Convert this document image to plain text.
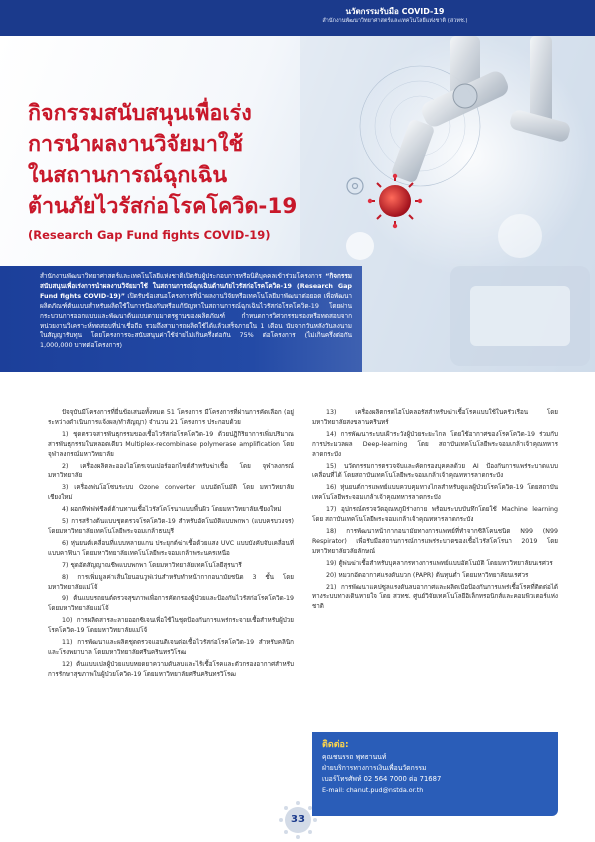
นวัตกรรมรับมือ COVID-19
สำนักงานพัฒนาวิทยาศาสตร์และเทคโนโลยีแห่งชาติ (สวทช.)
กิจกรรมสนับสนุนเพื่อเร่ง
การนำผลงานวิจัยมาใช้
ในสถานการณ์ฉุกเฉิน
ต้านภัยไวรัสก่อโรคโควิด-19
(Research Gap Fund fights COVID-19)
สำนักงานพัฒนาวิทยาศาสตร์และเทคโนโลยีแห่งชาติเปิดรับผู้ประกอบการหรือนิติบุคคลเข้าร่วมโครงการ “กิจกรรมสนับสนุนเพื่อเร่งการนำผลงานวิจัยมาใช้ ในสถานการณ์ฉุกเฉินต้านภัยไวรัสก่อโรคโควิด-19 (Research Gap Fund fights COVID-19)” เปิดรับข้อเสนอโครงการที่นำผลงานวิจัยหรือเทคโนโลยีมาพัฒนาต่อยอด เพื่อพัฒนาผลิตภัณฑ์ต้นแบบสำหรับผลิตใช้ในการป้องกันหรือแก้ปัญหาในสถานการณ์ฉุกเฉินไวรัสก่อโรคโควิด-19 โดยผ่านกระบวนการออกแบบและพัฒนาต้นแบบตามมาตรฐานของผลิตภัณฑ์ กำหนดการวิศวกรรมรองหรือทดสอบจากหน่วยงานวิเคราะห์ทดสอบที่น่าเชื่อถือ รวมถึงสามารถผลิตใช้ได้แล้วเสร็จภายใน 1 เดือน นับจากวันหลังวันลงนามในสัญญารับทุน โดยโครงการจะสนับสนุนค่าใช้จ่ายไม่เกินครึ่งต่อกัน 75% ต่อโครงการ (ไม่เกินครึ่งต่อกัน 1,000,000 บาทต่อโครงการ)

ปัจจุบันมีโครงการที่ยื่นข้อเสนอทั้งหมด 51 โครงการ มีโครงการที่ผ่านการคัดเลือก (อยู่ระหว่างดำเนินการแจ้งผล/ทำสัญญา) จำนวน 21 โครงการ ประกอบด้วย

1) ชุดตรวจสารพันธุกรรมของเชื้อไวรัสก่อโรคโควิด-19 ด้วยปฏิกิริยาการเพิ่มปริมาณสารพันธุกรรมในหลอดเดียว Multiplex-recombinase polymerase amplification โดย จุฬาลงกรณ์มหาวิทยาลัย

2) เครื่องผลิตละอองไฮโดรเจนเปอร์ออกไซด์สำหรับฆ่าเชื้อ โดย จุฬาลงกรณ์มหาวิทยาลัย

3) เครื่องพ่นโอโซนระบบ Ozone converter แบบอัตโนมัติ โดย มหาวิทยาลัยเชียงใหม่

4) ผอกทีฟฟฟชีลด์ต้านทานเชื้อไวรัสโคโรนาแบบพื้นผิว โดยมหาวิทยาลัยเชียงใหม่

5) การสร้างต้นแบบชุดตรวจโรคโควิด-19 สำหรับอัตโนมัติแบบพกพา (แบบครบวงจร) โดยมหาวิทยาลัยเทคโนโลยีพระจอมเกล้าธนบุรี

6) หุ่นยนต์เคลื่อนที่แบบหลายแกน ประยุกต์ฆ่าเชื้อด้วยแสง UVC แบบบังคับจับเคลื่อนที่แบบคาฟินา โดยมหาวิทยาลัยเทคโนโลยีพระจอมเกล้าพระนครเหนือ

7) ชุดอัตสัญญาณชีพแบบพกพา โดยมหาวิทยาลัยเทคโนโลยีสุรนารี

8) การเพิ่มมูลค่าเส้นใยนอนวูฟเว่นสำหรับทำหน้ากากอนามัยชนิด 3 ชั้น โดยมหาวิทยาลัยแม่โจ้

9) ต้นแบบรถยนต์ตรวจสุขภาพเพื่อการคัดกรองผู้ป่วยและป้องกันไวรัสก่อโรคโควิด-19 โดยมหาวิทยาลัยแม่โจ้

10) การผลิตสารละลายออกซิเจนเพื่อใช้ในชุดป้องกันการแพร่กระจายเชื้อสำหรับผู้ป่วยโรคโควิด-19 โดยมหาวิทยาลัยแม่โจ้

11) การพัฒนาและผลิตชุดตรวจแอนติเจนต่อเชื้อไวรัสก่อโรคโควิด-19 สำหรับคลินิกและโรงพยาบาล โดยมหาวิทยาลัยศรีนครินทรวิโรฒ

12) ต้นแบบเปลผู้ป่วยแบบหยดยาความดันลบและไร้เชื้อโรคและตัวกรองอากาศสำหรับการรักษาสุขภาพในผู้ป่วยโควิด-19 โดยมหาวิทยาลัยศรีนครินทรวิโรฒ

13) เครื่องผลิตกรดไฮโปคลอรัสสำหรับฆ่าเชื้อโรคแบบใช้ในครัวเรือน โดยมหาวิทยาลัยสงขลานครินทร์

14) การพัฒนาระบบเฝ้าระวังผู้ป่วยระยะไกล โดยใช้อากาศของโรคโควิด-19 ร่วมกับการประมวลผล Deep-learning โดย สถาบันเทคโนโลยีพระจอมเกล้าเจ้าคุณทหารลาดกระบัง

15) นวัตกรรมการตรวจจับและคัดกรองบุคคลด้วย AI ป้องกันการแพร่ระบาดแบบเคลื่อนที่ได้ โดยสถาบันเทคโนโลยีพระจอมเกล้าเจ้าคุณทหารลาดกระบัง

16) หุ่นยนต์การแพทย์แบบควบคุมทางไกลสำหรับดูแลผู้ป่วยโรคโควิด-19 โดยสถาบันเทคโนโลยีพระจอมเกล้าเจ้าคุณทหารลาดกระบัง

17) อุปกรณ์ตรวจวัดอุณหภูมิร่างกาย พร้อมระบบบันทึกโดยใช้ Machine learning โดย สถาบันเทคโนโลยีพระจอมเกล้าเจ้าคุณทหารลาดกระบัง

18) การพัฒนาหน้ากากอนามัยทางการแพทย์ที่ทำจากซิลิโคนชนิด N99 (N99 Respirator) เพื่อรับมือสถานการณ์การแพร่ระบาดของเชื้อไวรัสโคโรนา 2019 โดยมหาวิทยาลัยวลัยลักษณ์

19) ตู้พ่นฆ่าเชื้อสำหรับบุคลากรทางการแพทย์แบบอัตโนมัติ โดยมหาวิทยาลัยนเรศวร

20) หมวกอัดอากาศแรงดันบวก (PAPR) ต้นทุนต่ำ โดยมหาวิทยาลัยนเรศวร

21) การพัฒนาแคปซูลแรงดันลบอากาศและผลิตเป้อป้องกันการแพร่เชื้อโรคที่ติดต่อได้ทางระบบทางเดินหายใจ โดย สวทช. ศูนย์วิจัยเทคโนโลยีอิเล็กทรอนิกส์และคอมพิวเตอร์แห่งชาติ

ติดต่อ:
คุณชนรรถ พุทธานนท์
ฝ่ายบริการทางการเงินเพื่อนวัตกรรม
เบอร์โทรศัพท์ 02 564 7000 ต่อ 71687
E-mail: chanut.pud@nstda.or.th
33
